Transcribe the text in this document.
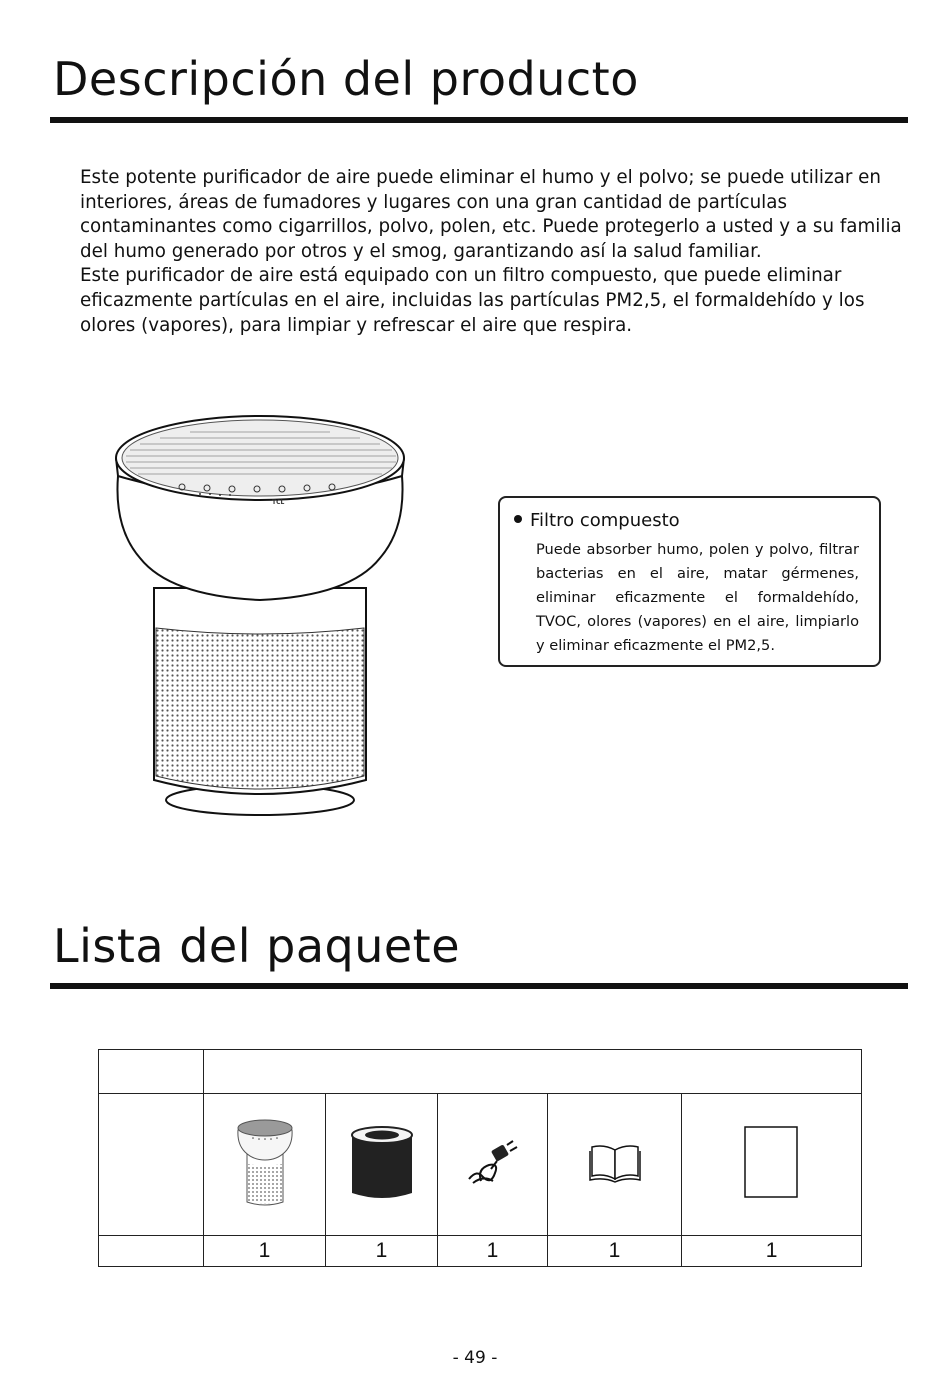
Descripción del producto

Este potente purificador de aire puede eliminar el humo y el polvo; se puede utilizar en interiores, áreas de fumadores y lugares con una gran cantidad de partículas contaminantes como cigarrillos, polvo, polen, etc. Puede protegerlo a usted y a su familia del humo generado por otros y el smog, garantizando así la salud familiar.

Este purificador de aire está equipado con un filtro compuesto, que puede eliminar eficazmente partículas en el aire, incluidas las partículas PM2,5, el formaldehído y los olores (vapores), para limpiar y refrescar el aire que respira.

TCL
Filtro compuesto
Puede absorber humo, polen y polvo, filtrar bacterias en el aire, matar gérmenes, eliminar eficazmente el formaldehído, TVOC, olores (vapores) en el aire, limpiarlo y eliminar eficazmente el PM2,5.
Lista del paquete

	1	1	1	1	1
- 49 -
